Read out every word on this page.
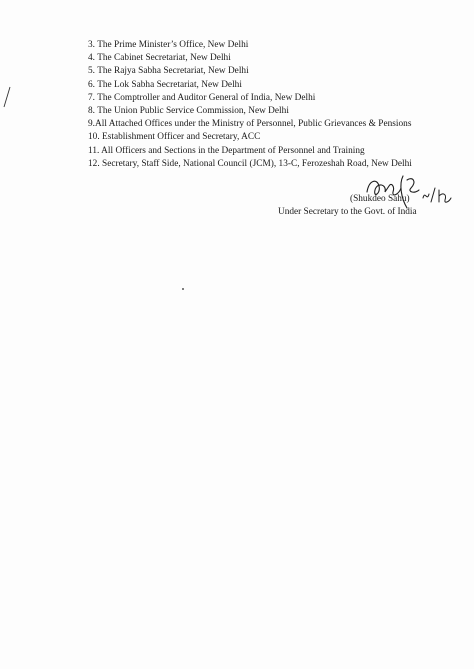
3. The Prime Minister’s Office, New Delhi
4. The Cabinet Secretariat, New Delhi
5. The Rajya Sabha Secretariat, New Delhi
6. The Lok Sabha Secretariat, New Delhi
7. The Comptroller and Auditor General of India, New Delhi
8. The Union Public Service Commission, New Delhi
9.All Attached Offices under the Ministry of Personnel, Public Grievances & Pensions
10. Establishment Officer and Secretary, ACC
11. All Officers and Sections in the Department of Personnel and Training
12. Secretary, Staff Side, National Council (JCM), 13-C, Ferozeshah Road, New Delhi
(Shukdeo Sahu)
Under Secretary to the Govt. of India
